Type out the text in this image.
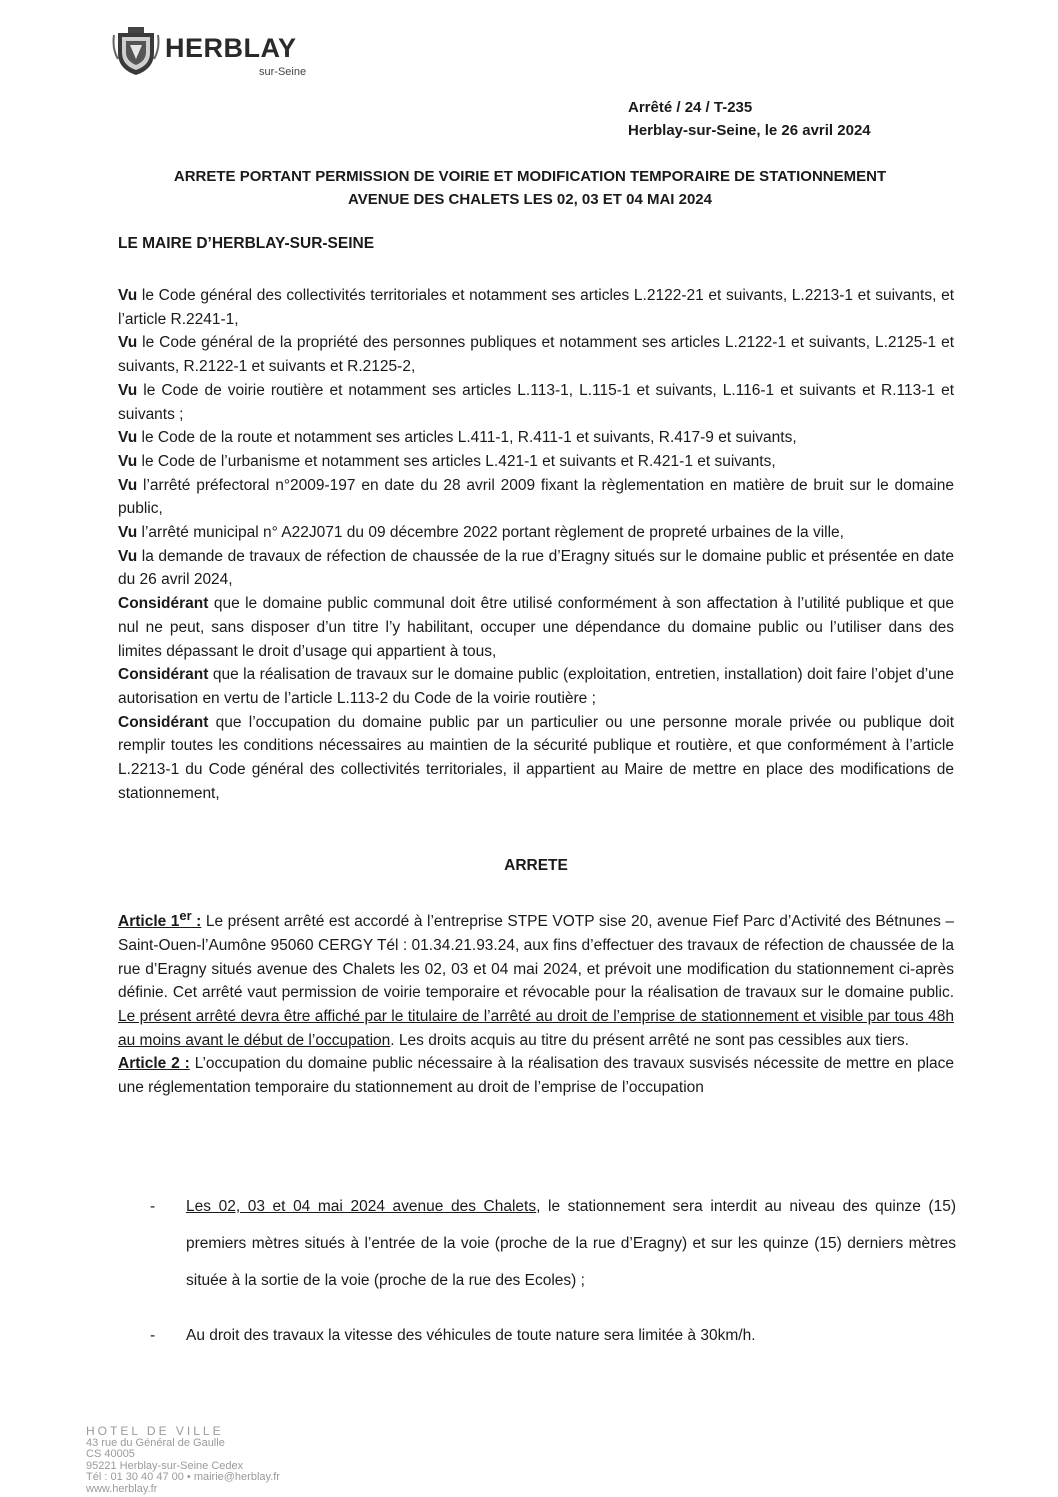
HERBLAY
sur-Seine
Arrêté / 24 / T-235
Herblay-sur-Seine, le 26 avril 2024
ARRETE PORTANT PERMISSION DE VOIRIE ET MODIFICATION TEMPORAIRE DE STATIONNEMENT
AVENUE DES CHALETS LES 02, 03 ET 04 MAI 2024
LE MAIRE D’HERBLAY-SUR-SEINE

Vu le Code général des collectivités territoriales et notamment ses articles L.2122-21 et suivants, L.2213-1 et suivants, et l’article R.2241-1,

Vu le Code général de la propriété des personnes publiques et notamment ses articles L.2122-1 et suivants, L.2125-1 et suivants, R.2122-1 et suivants et R.2125-2,

Vu le Code de voirie routière et notamment ses articles L.113-1, L.115-1 et suivants, L.116-1 et suivants et R.113-1 et suivants ;

Vu le Code de la route et notamment ses articles L.411-1, R.411-1 et suivants, R.417-9 et suivants,

Vu le Code de l’urbanisme et notamment ses articles L.421-1 et suivants et R.421-1 et suivants,

Vu l’arrêté préfectoral n°2009-197 en date du 28 avril 2009 fixant la règlementation en matière de bruit sur le domaine public,

Vu l’arrêté municipal n° A22J071 du 09 décembre 2022 portant règlement de propreté urbaines de la ville,

Vu la demande de travaux de réfection de chaussée de la rue d’Eragny situés sur le domaine public et présentée en date du 26 avril 2024,

Considérant que le domaine public communal doit être utilisé conformément à son affectation à l’utilité publique et que nul ne peut, sans disposer d’un titre l’y habilitant, occuper une dépendance du domaine public ou l’utiliser dans des limites dépassant le droit d’usage qui appartient à tous,

Considérant que la réalisation de travaux sur le domaine public (exploitation, entretien, installation) doit faire l’objet d’une autorisation en vertu de l’article L.113-2 du Code de la voirie routière ;

Considérant que l’occupation du domaine public par un particulier ou une personne morale privée ou publique doit remplir toutes les conditions nécessaires au maintien de la sécurité publique et routière, et que conformément à l’article L.2213-1 du Code général des collectivités territoriales, il appartient au Maire de mettre en place des modifications de stationnement,

ARRETE

Article 1er : Le présent arrêté est accordé à l’entreprise STPE VOTP sise 20, avenue Fief Parc d’Activité des Bétnunes – Saint-Ouen-l’Aumône 95060 CERGY Tél : 01.34.21.93.24, aux fins d’effectuer des travaux de réfection de chaussée de la rue d’Eragny situés avenue des Chalets les 02, 03 et 04 mai 2024, et prévoit une modification du stationnement ci-après définie. Cet arrêté vaut permission de voirie temporaire et révocable pour la réalisation de travaux sur le domaine public. Le présent arrêté devra être affiché par le titulaire de l’arrêté au droit de l’emprise de stationnement et visible par tous 48h au moins avant le début de l’occupation. Les droits acquis au titre du présent arrêté ne sont pas cessibles aux tiers.

Article 2 : L’occupation du domaine public nécessaire à la réalisation des travaux susvisés nécessite de mettre en place une réglementation temporaire du stationnement au droit de l’emprise de l’occupation

- Les 02, 03 et 04 mai 2024 avenue des Chalets, le stationnement sera interdit au niveau des quinze (15) premiers mètres situés à l’entrée de la voie (proche de la rue d’Eragny) et sur les quinze (15) derniers mètres située à la sortie de la voie (proche de la rue des Ecoles) ;
- Au droit des travaux la vitesse des véhicules de toute nature sera limitée à 30km/h.
HOTEL DE VILLE
43 rue du Général de Gaulle
CS 40005
95221 Herblay-sur-Seine Cedex
Tél : 01 30 40 47 00 • mairie@herblay.fr
www.herblay.fr
